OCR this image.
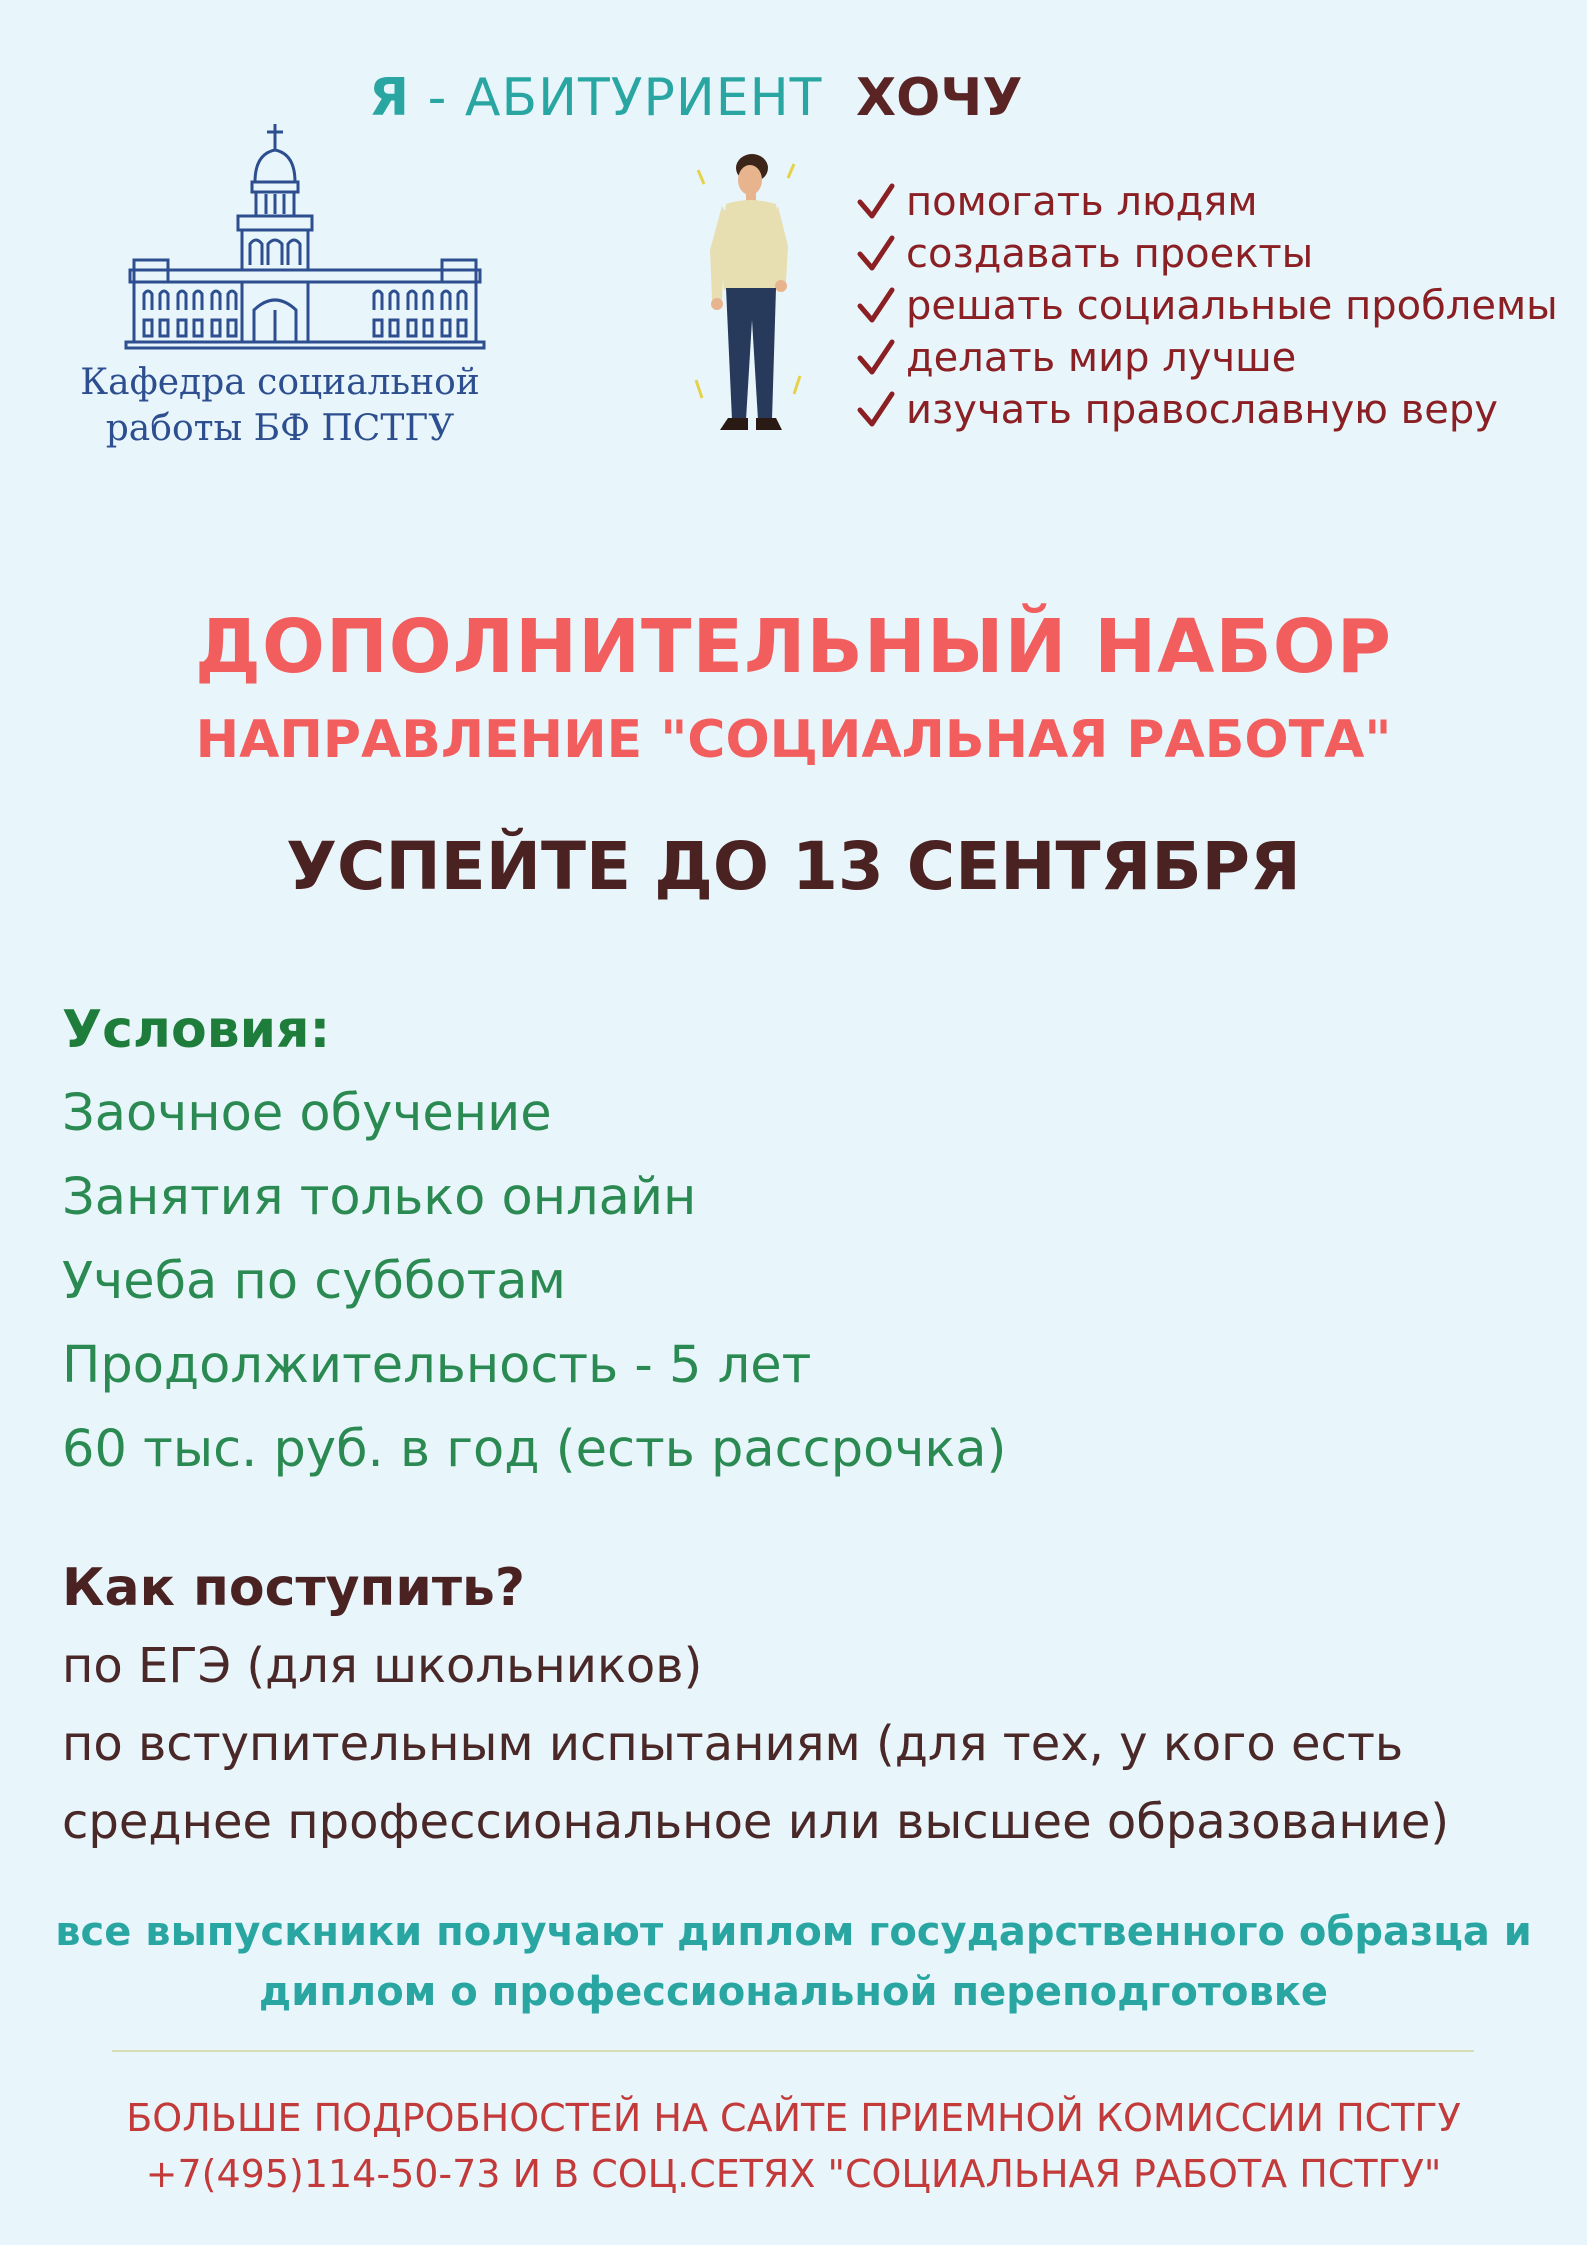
Я - АБИТУРИЕНТ ХОЧУ
Кафедра социальной
работы БФ ПСТГУ
помогать людям
создавать проекты
решать социальные проблемы
делать мир лучше
изучать православную веру
ДОПОЛНИТЕЛЬНЫЙ НАБОР
НАПРАВЛЕНИЕ "СОЦИАЛЬНАЯ РАБОТА"
УСПЕЙТЕ ДО 13 СЕНТЯБРЯ
Условия:
Заочное обучение
Занятия только онлайн
Учеба по субботам
Продолжительность - 5 лет
60 тыс. руб. в год (есть рассрочка)
Как поступить?
по ЕГЭ (для школьников)
по вступительным испытаниям (для тех, у кого есть
среднее профессиональное или высшее образование)
все выпускники получают диплом государственного образца и
диплом о профессиональной переподготовке
БОЛЬШЕ ПОДРОБНОСТЕЙ НА САЙТЕ ПРИЕМНОЙ КОМИССИИ ПСТГУ
+7(495)114-50-73 И В СОЦ.СЕТЯХ "СОЦИАЛЬНАЯ РАБОТА ПСТГУ"
